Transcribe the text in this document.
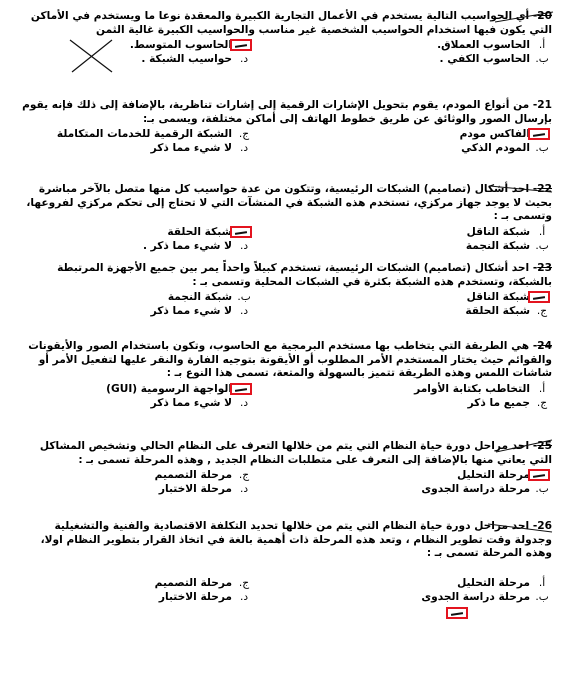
20- أي الحواسيب التالية يستخدم في الأعمال التجارية الكبيرة والمعقدة نوعا ما ويستخدم في الأماكن التي يكون فيها استخدام الحواسيب الشخصية غير مناسب والحواسيب الكبيرة غالية الثمن
أ.
الحاسوب العملاق.
الحاسوب المتوسط.
ب.
الحاسوب الكفي .
د.
حواسيب الشبكة .
21- من أنواع المودم، يقوم بتحويل الإشارات الرقمية إلى إشارات تناظرية، بالإضافة إلى ذلك فإنه يقوم بإرسال الصور والوثائق عن طريق خطوط الهاتف إلى أماكن مختلفة، ويسمى بـ:
الفاكس مودم
ج.
الشبكة الرقمية للخدمات المتكاملة
ب.
المودم الذكي
د.
لا شيء مما ذكر
22- احد أشكال (تصاميم) الشبكات الرئيسية، وتتكون من عدة حواسيب كل منها متصل بالآخر مباشرة بحيث لا يوجد جهاز مركزي، تستخدم هذه الشبكة في المنشآت التي لا تحتاج إلى تحكم مركزي لفروعها، وتسمى بـ :
أ.
شبكة الناقل
شبكة الحلقة
ب.
شبكة النجمة
د.
لا شيء مما ذكر .
23- احد أشكال (تصاميم) الشبكات الرئيسية، تستخدم كبيلاً واحداً يمر بين جميع الأجهزة المرتبطة بالشبكة، وتستخدم هذه الشبكة بكثرة في الشبكات المحلية وتسمى بـ :
شبكة الناقل
ب.
شبكة النجمة
ج.
شبكة الحلقة
د.
لا شيء مما ذكر
24- هي الطريقة التي يتخاطب بها مستخدم البرمجية مع الحاسوب، وتكون باستخدام الصور والأيقونات والقوائم حيث يختار المستخدم الأمر المطلوب أو الأيقونة بتوجيه الفارة والنقر عليها لتفعيل الأمر أو شاشات اللمس وهذه الطريقة تتميز بالسهولة والمتعة، تسمى هذا النوع بـ :
أ.
التخاطب بكتابة الأوامر
الواجهة الرسومية (GUI)
ج.
جميع ما ذكر
د.
لا شيء مما ذكر
25- احد مراحل دورة حياة النظام التي يتم من خلالها التعرف على النظام الحالي وتشخيص المشاكل التي يعاني منها بالإضافة إلى التعرف على متطلبات النظام الجديد , وهذه المرحلة تسمى بـ :
مرحلة التحليل
ج.
مرحلة التصميم
ب.
مرحلة دراسة الجدوى
د.
مرحلة الاختبار
26- احد مراحل دورة حياة النظام التي يتم من خلالها تحديد التكلفة الاقتصادية والفنية والتشغيلية وجدولة وقت تطوير النظام ، وتعد هذه المرحلة ذات أهمية بالغة في اتخاذ القرار بتطوير النظام اولا، وهذه المرحلة تسمى بـ :
أ.
مرحلة التحليل
ج.
مرحلة التصميم
ب.
مرحلة دراسة الجدوى
د.
مرحلة الاختبار
